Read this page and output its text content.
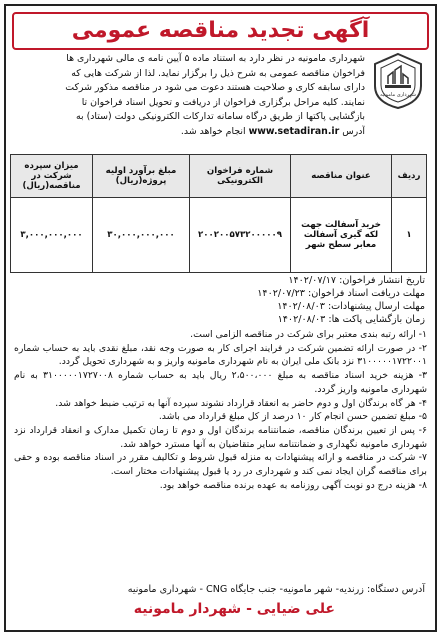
آگهی تجدید مناقصه عمومی
شهرداری مامونیه
شهرداری مامونیه در نظر دارد به استناد ماده ۵ آیین نامه ی مالی شهرداری ها
فراخوان مناقصه عمومی به شرح ذیل را برگزار نماید. لذا از شرکت هایی که
دارای سابقه کاری و صلاحیت هستند دعوت می شود در مناقصه مذکور شرکت
نمایند. کلیه مراحل برگزاری فراخوان از دریافت و تحویل اسناد فراخوان تا
بازگشایی پاکتها از طریق درگاه سامانه تدارکات الکترونیکی دولت (ستاد) به
آدرس www.setadiran.ir انجام خواهد شد.
ردیف	عنوان مناقصه	شماره فراخوان الکترونیکی	مبلغ برآورد اولیه پروژه(ریال)	میزان سپرده شرکت در مناقصه(ریال)
۱	خرید آسفالت جهت لکه گیری آسفالت معابر سطح شهر	۲۰۰۲۰۰۵۷۳۲۰۰۰۰۰۹	۳۰,۰۰۰,۰۰۰,۰۰۰	۳,۰۰۰,۰۰۰,۰۰۰
تاریخ انتشار فراخوان: ۱۴۰۲/۰۷/۱۷
مهلت دریافت اسناد فراخوان: ۱۴۰۲/۰۷/۲۳
مهلت ارسال پیشنهادات: ۱۴۰۲/۰۸/۰۳
زمان بازگشایی پاکت ها: ۱۴۰۲/۰۸/۰۳
۱- ارائه رتبه بندی معتبر برای شرکت در مناقصه الزامی است.
۲- در صورت ارائه تضمین شرکت در فرایند اجرای کار به صورت وجه نقد، مبلغ نقدی باید به حساب شماره ۳۱۰۰۰۰۰۱۷۲۲۰۰۱ نزد بانک ملی ایران به نام شهرداری مامونیه واریز و به شهرداری تحویل گردد.
۳- هزینه خرید اسناد مناقصه به مبلغ ۲،۵۰۰،۰۰۰ ریال باید به حساب شماره ۳۱۰۰۰۰۰۱۷۲۷۰۰۸ به نام شهرداری مامونیه واریز گردد.
۴- هر گاه برندگان اول و دوم حاضر به انعقاد قرارداد نشوند سپرده آنها به ترتیب ضبط خواهد شد.
۵- مبلغ تضمین حسن انجام کار ۱۰ درصد از کل مبلغ قرارداد می باشد.
۶- پس از تعیین برندگان مناقصه، ضمانتنامه برندگان اول و دوم تا زمان تکمیل مدارک و انعقاد قرارداد نزد شهرداری مامونیه نگهداری و ضمانتنامه سایر متقاضیان به آنها مسترد خواهد شد.
۷- شرکت در مناقصه و ارائه پیشنهادات به منزله قبول شروط و تکالیف مقرر در اسناد مناقصه بوده و حقی برای مناقصه گران ایجاد نمی کند و شهرداری در رد یا قبول پیشنهادات مختار است.
۸- هزینه درج دو نوبت آگهی روزنامه به عهده برنده مناقصه خواهد بود.
آدرس دستگاه: زرندیه- شهر مامونیه- جنب جایگاه CNG - شهرداری مامونیه
علی ضیایی - شهردار مامونیه
